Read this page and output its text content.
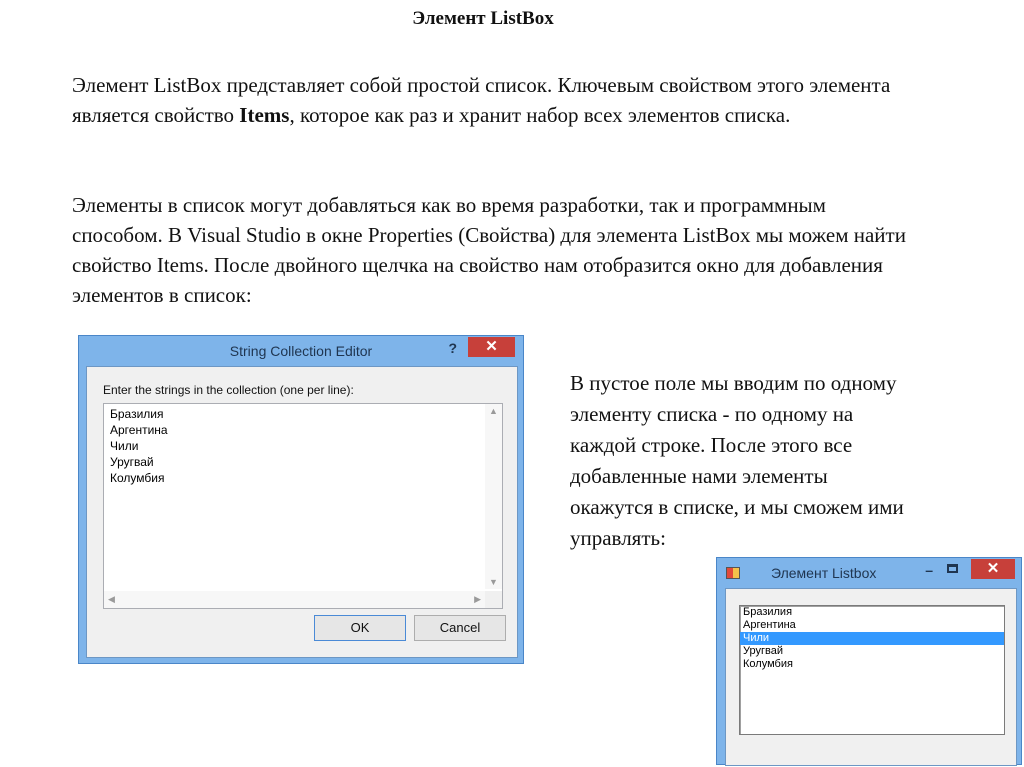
Элемент ListBox
Элемент ListBox представляет собой простой список. Ключевым свойством этого элемента является свойство Items, которое как раз и хранит набор всех элементов списка.
Элементы в список могут добавляться как во время разработки, так и программным способом. В Visual Studio в окне Properties (Свойства) для элемента ListBox мы можем найти свойство Items. После двойного щелчка на свойство нам отобразится окно для добавления элементов в список:
В пустое поле мы вводим по одному элементу списка - по одному на каждой строке. После этого все добавленные нами элементы окажутся в списке, и мы сможем ими управлять:
String Collection Editor	?	✕
Enter the strings in the collection (one per line):
Бразилия
Аргентина
Чили
Уругвай
Колумбия
▲
▼
◀	▶
OK	Cancel
Элемент Listbox	–	✕
Бразилия
Аргентина
Чили
Уругвай
Колумбия
